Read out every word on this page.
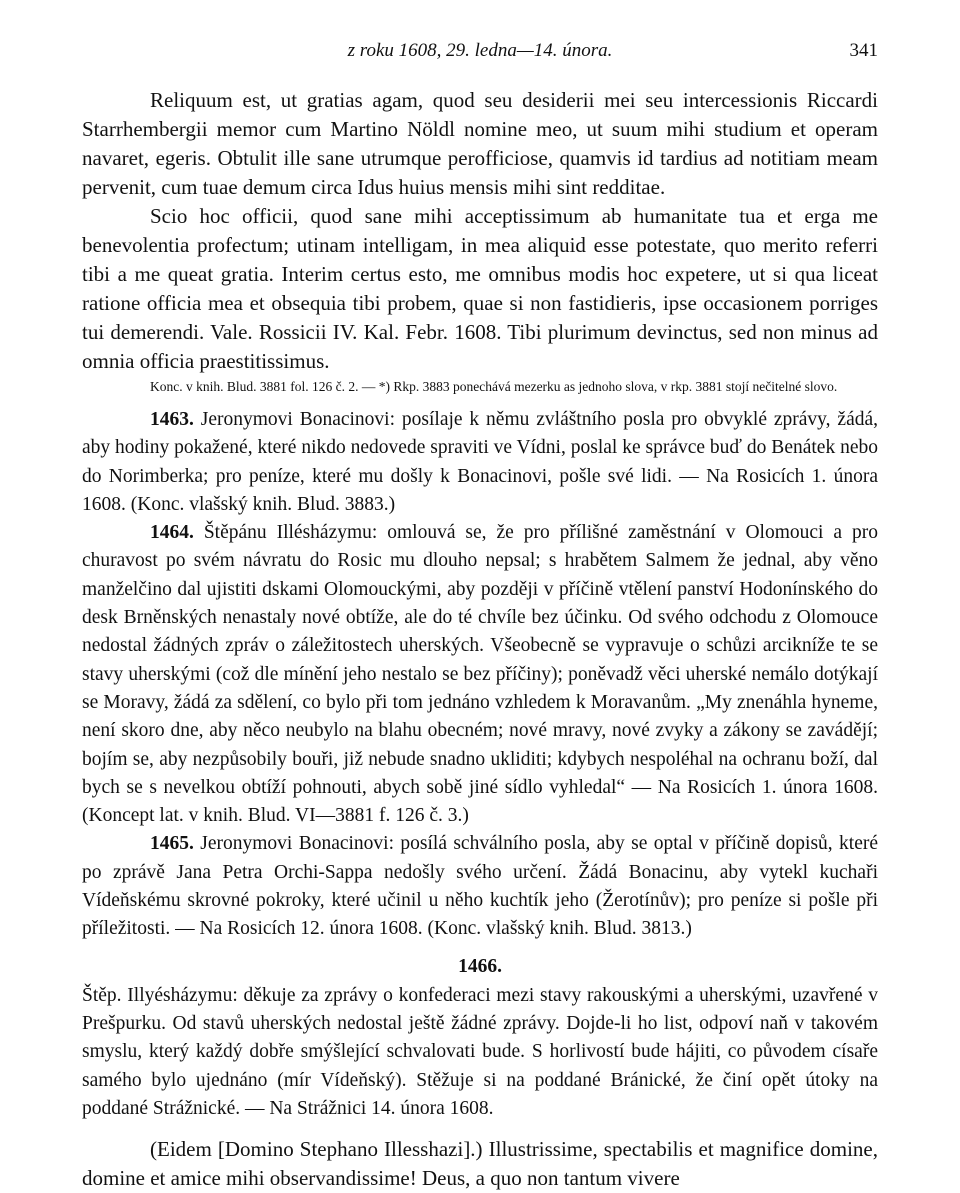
z roku 1608, 29. ledna—14. února.	341

Reliquum est, ut gratias agam, quod seu desiderii mei seu intercessionis Riccardi Starrhembergii memor cum Martino Nöldl nomine meo, ut suum mihi studium et operam navaret, egeris. Obtulit ille sane utrumque perofficiose, quamvis id tardius ad notitiam meam pervenit, cum tuae demum circa Idus huius mensis mihi sint redditae.

Scio hoc officii, quod sane mihi acceptissimum ab humanitate tua et erga me benevolentia profectum; utinam intelligam, in mea aliquid esse potestate, quo merito referri tibi a me queat gratia. Interim certus esto, me omnibus modis hoc expetere, ut si qua liceat ratione officia mea et obsequia tibi probem, quae si non fastidieris, ipse occasionem porriges tui demerendi. Vale. Rossicii IV. Kal. Febr. 1608. Tibi plurimum devinctus, sed non minus ad omnia officia praestitissimus.

Konc. v knih. Blud. 3881 fol. 126 č. 2. — *) Rkp. 3883 ponechává mezerku as jednoho slova, v rkp. 3881 stojí nečitelné slovo.

1463. Jeronymovi Bonacinovi: posílaje k němu zvláštního posla pro obvyklé zprávy, žádá, aby hodiny pokažené, které nikdo nedovede spraviti ve Vídni, poslal ke správce buď do Benátek nebo do Norimberka; pro peníze, které mu došly k Bonacinovi, pošle své lidi. — Na Rosicích 1. února 1608. (Konc. vlašský knih. Blud. 3883.)

1464. Štěpánu Illésházymu: omlouvá se, že pro přílišné zaměstnání v Olomouci a pro churavost po svém návratu do Rosic mu dlouho nepsal; s hrabětem Salmem že jednal, aby věno manželčino dal ujistiti dskami Olomouckými, aby později v příčině vtělení panství Hodonínského do desk Brněnských nenastaly nové obtíže, ale do té chvíle bez účinku. Od svého odchodu z Olomouce nedostal žádných zpráv o záležitostech uherských. Všeobecně se vypravuje o schůzi arcikníže te se stavy uherskými (což dle mínění jeho nestalo se bez příčiny); poněvadž věci uherské nemálo dotýkají se Moravy, žádá za sdělení, co bylo při tom jednáno vzhledem k Moravanům. „My znenáhla hyneme, není skoro dne, aby něco neubylo na blahu obecném; nové mravy, nové zvyky a zákony se zavádějí; bojím se, aby nezpůsobily bouři, již nebude snadno ukliditi; kdybych nespoléhal na ochranu boží, dal bych se s nevelkou obtíží pohnouti, abych sobě jiné sídlo vyhledal“ — Na Rosicích 1. února 1608. (Koncept lat. v knih. Blud. VI—3881 f. 126 č. 3.)

1465. Jeronymovi Bonacinovi: posílá schválního posla, aby se optal v příčině dopisů, které po zprávě Jana Petra Orchi-Sappa nedošly svého určení. Žádá Bonacinu, aby vytekl kuchaři Vídeňskému skrovné pokroky, které učinil u něho kuchtík jeho (Žerotínův); pro peníze si pošle při příležitosti. — Na Rosicích 12. února 1608. (Konc. vlašský knih. Blud. 3813.)

1466.

Štěp. Illyésházymu: děkuje za zprávy o konfederaci mezi stavy rakouskými a uherskými, uzavřené v Prešpurku. Od stavů uherských nedostal ještě žádné zprávy. Dojde-li ho list, odpoví naň v takovém smyslu, který každý dobře smýšlející schvalovati bude. S horlivostí bude hájiti, co původem císaře samého bylo ujednáno (mír Vídeňský). Stěžuje si na poddané Bránické, že činí opět útoky na poddané Strážnické. — Na Strážnici 14. února 1608.

(Eidem [Domino Stephano Illesshazi].) Illustrissime, spectabilis et magnifice domine, domine et amice mihi observandissime! Deus, a quo non tantum vivere
